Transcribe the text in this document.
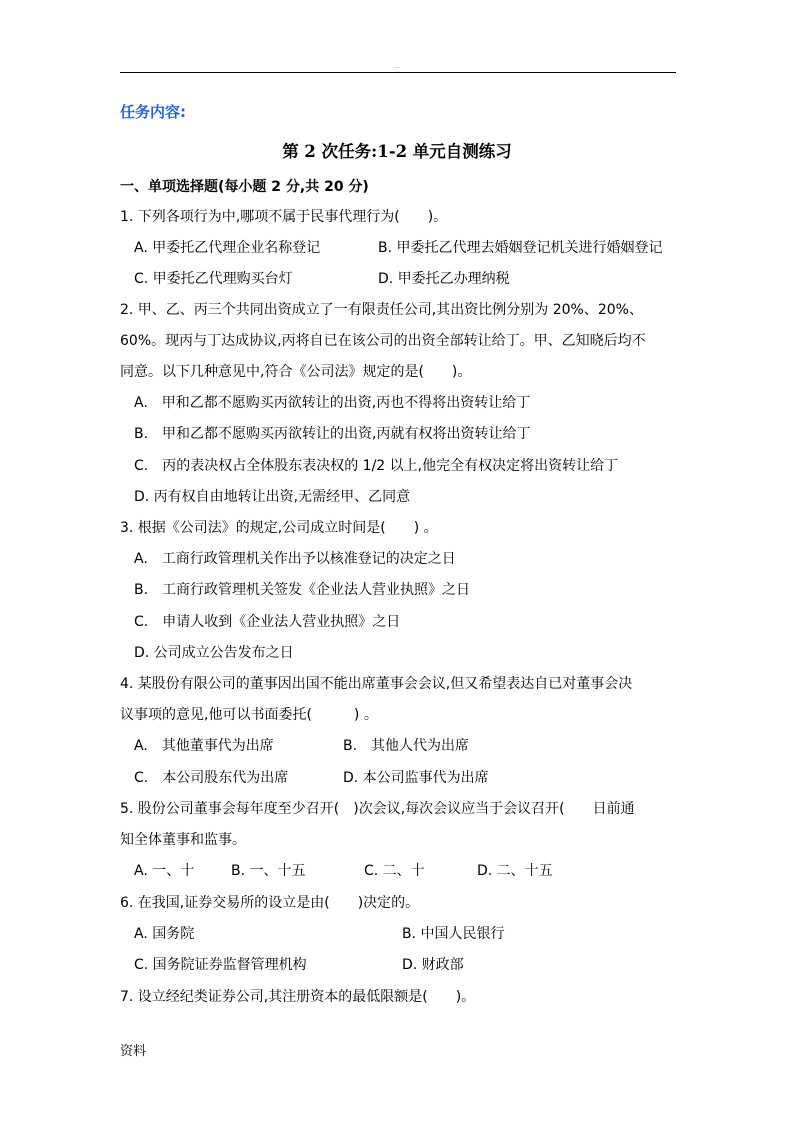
..
任务内容:
第 2 次任务:1-2 单元自测练习
一、单项选择题(每小题 2 分,共 20 分)
1. 下列各项行为中,哪项不属于民事代理行为(　　)。
A. 甲委托乙代理企业名称登记	B. 甲委托乙代理去婚姻登记机关进行婚姻登记
C. 甲委托乙代理购买台灯	D. 甲委托乙办理纳税
2. 甲、乙、丙三个共同出资成立了一有限责任公司,其出资比例分别为 20%、20%、
60%。现丙与丁达成协议,丙将自已在该公司的出资全部转让给丁。甲、乙知晓后均不
同意。以下几种意见中,符合《公司法》规定的是(　　)。
A.　甲和乙都不愿购买丙欲转让的出资,丙也不得将出资转让给丁
B.　甲和乙都不愿购买丙欲转让的出资,丙就有权将出资转让给丁
C.　丙的表决权占全体股东表决权的 1/2 以上,他完全有权决定将出资转让给丁
D. 丙有权自由地转让出资,无需经甲、乙同意
3. 根据《公司法》的规定,公司成立时间是(　　) 。
A.　工商行政管理机关作出予以核准登记的决定之日
B.　工商行政管理机关签发《企业法人营业执照》之日
C.　申请人收到《企业法人营业执照》之日
D. 公司成立公告发布之日
4. 某股份有限公司的董事因出国不能出席董事会会议,但又希望表达自已对董事会决
议事项的意见,他可以书面委托(　　　) 。
A.　其他董事代为出席	B.　其他人代为出席
C.　本公司股东代为出席	D. 本公司监事代为出席
5. 股份公司董事会每年度至少召开(　)次会议,每次会议应当于会议召开(　　日前通
知全体董事和监事。
A. 一、十	B. 一、十五	C. 二、十	D. 二、十五
6. 在我国,证券交易所的设立是由(　　)决定的。
A. 国务院	B. 中国人民银行
C. 国务院证券监督管理机构	D. 财政部
7. 设立经纪类证券公司,其注册资本的最低限额是(　　)。
资料
